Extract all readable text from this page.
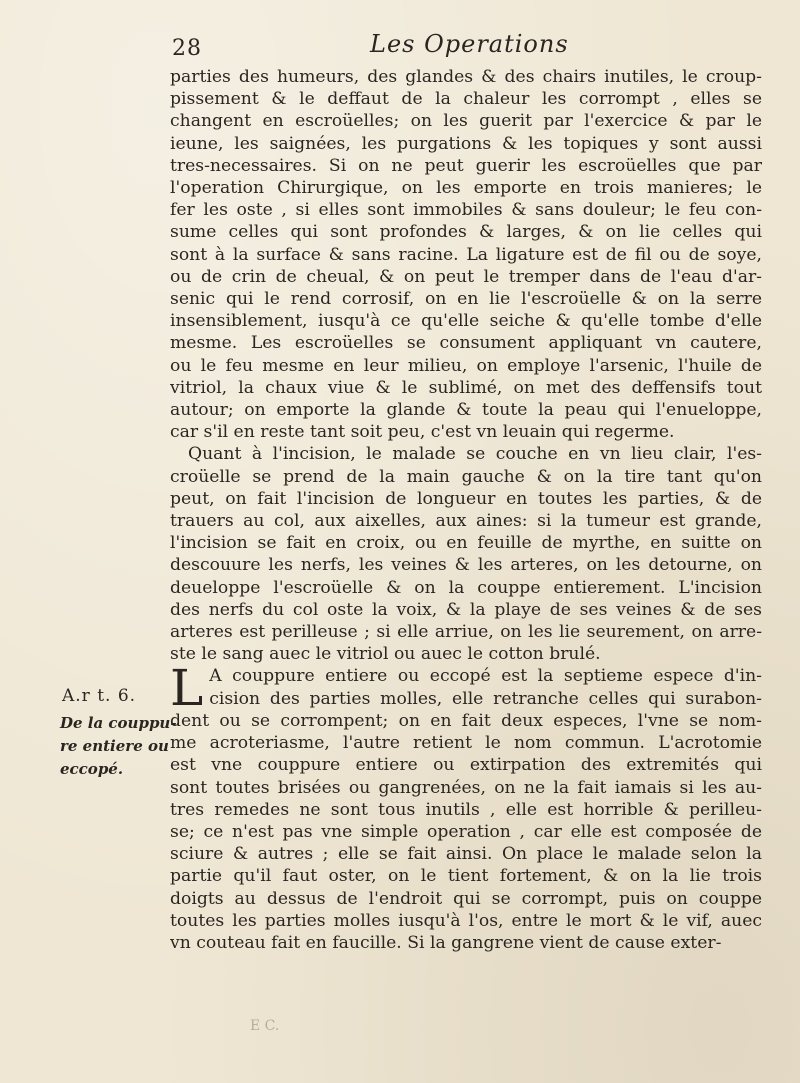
28	Les Operations
A.r t. 6.
De la couppu-
re entiere ou
eccopé.
parties des humeurs, des glandes & des chairs inutiles, le croup-
pissement & le deffaut de la chaleur les corrompt , elles se
changent en escroüelles; on les guerit par l'exercice & par le
ieune, les saignées, les purgations & les topiques y sont aussi
tres-necessaires. Si on ne peut guerir les escroüelles que par
l'operation Chirurgique, on les emporte en trois manieres; le
fer les oste , si elles sont immobiles & sans douleur; le feu con-
sume celles qui sont profondes & larges, & on lie celles qui
sont à la surface & sans racine. La ligature est de fil ou de soye,
ou de crin de cheual, & on peut le tremper dans de l'eau d'ar-
senic qui le rend corrosif, on en lie l'escroüelle & on la serre
insensiblement, iusqu'à ce qu'elle seiche & qu'elle tombe d'elle
mesme. Les escroüelles se consument appliquant vn cautere,
ou le feu mesme en leur milieu, on employe l'arsenic, l'huile de
vitriol, la chaux viue & le sublimé, on met des deffensifs tout
autour; on emporte la glande & toute la peau qui l'enueloppe,
car s'il en reste tant soit peu, c'est vn leuain qui regerme.
Quant à l'incision, le malade se couche en vn lieu clair, l'es-
croüelle se prend de la main gauche & on la tire tant qu'on
peut, on fait l'incision de longueur en toutes les parties, & de
trauers au col, aux aixelles, aux aines: si la tumeur est grande,
l'incision se fait en croix, ou en feuille de myrthe, en suitte on
descouure les nerfs, les veines & les arteres, on les detourne, on
deueloppe l'escroüelle & on la couppe entierement. L'incision
des nerfs du col oste la voix, & la playe de ses veines & de ses
arteres est perilleuse ; si elle arriue, on les lie seurement, on arre-
ste le sang auec le vitriol ou auec le cotton brulé.
L A couppure entiere ou eccopé est la septieme espece d'in-
cision des parties molles, elle retranche celles qui surabon-
dent ou se corrompent; on en fait deux especes, l'vne se nom-
me acroteriasme, l'autre retient le nom commun. L'acrotomie
est vne couppure entiere ou extirpation des extremités qui
sont toutes brisées ou gangrenées, on ne la fait iamais si les au-
tres remedes ne sont tous inutils , elle est horrible & perilleu-
se; ce n'est pas vne simple operation , car elle est composée de
sciure & autres ; elle se fait ainsi. On place le malade selon la
partie qu'il faut oster, on le tient fortement, & on la lie trois
doigts au dessus de l'endroit qui se corrompt, puis on couppe
toutes les parties molles iusqu'à l'os, entre le mort & le vif, auec
vn couteau fait en faucille. Si la gangrene vient de cause exter-
E C.
